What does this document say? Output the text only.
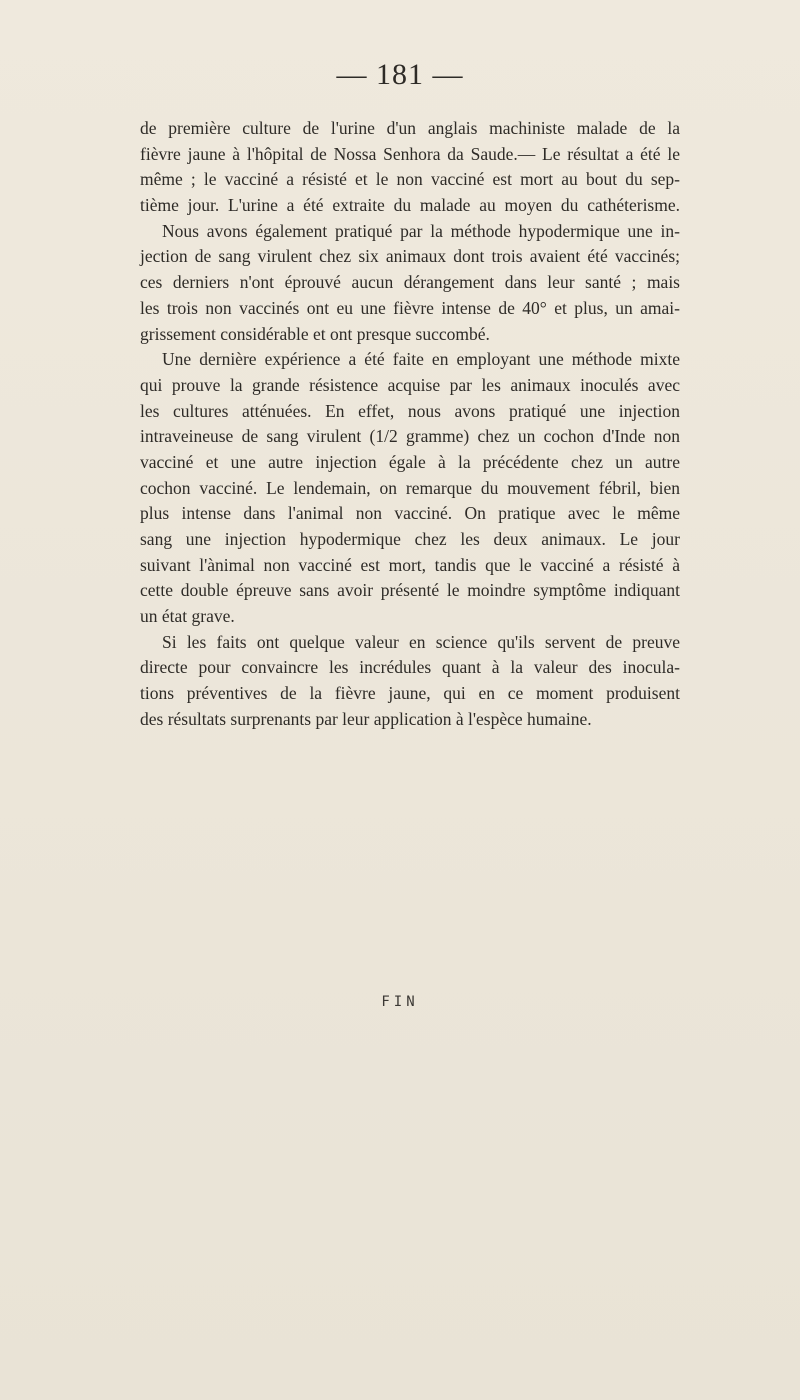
— 181 —
de première culture de l'urine d'un anglais machiniste malade de la
fièvre jaune à l'hôpital de Nossa Senhora da Saude.— Le résultat a été le
même ; le vacciné a résisté et le non vacciné est mort au bout du sep-
tième jour. L'urine a été extraite du malade au moyen du cathéterisme.
Nous avons également pratiqué par la méthode hypodermique une in-
jection de sang virulent chez six animaux dont trois avaient été vaccinés;
ces derniers n'ont éprouvé aucun dérangement dans leur santé ; mais
les trois non vaccinés ont eu une fièvre intense de 40° et plus, un amai-
grissement considérable et ont presque succombé.
Une dernière expérience a été faite en employant une méthode mixte
qui prouve la grande résistence acquise par les animaux inoculés avec
les cultures atténuées. En effet, nous avons pratiqué une injection
intraveineuse de sang virulent (1/2 gramme) chez un cochon d'Inde non
vacciné et une autre injection égale à la précédente chez un autre
cochon vacciné. Le lendemain, on remarque du mouvement fébril, bien
plus intense dans l'animal non vacciné. On pratique avec le même
sang une injection hypodermique chez les deux animaux. Le jour
suivant l'ànimal non vacciné est mort, tandis que le vacciné a résisté à
cette double épreuve sans avoir présenté le moindre symptôme indiquant
un état grave.
Si les faits ont quelque valeur en science qu'ils servent de preuve
directe pour convaincre les incrédules quant à la valeur des inocula-
tions préventives de la fièvre jaune, qui en ce moment produisent
des résultats surprenants par leur application à l'espèce humaine.
FIN
